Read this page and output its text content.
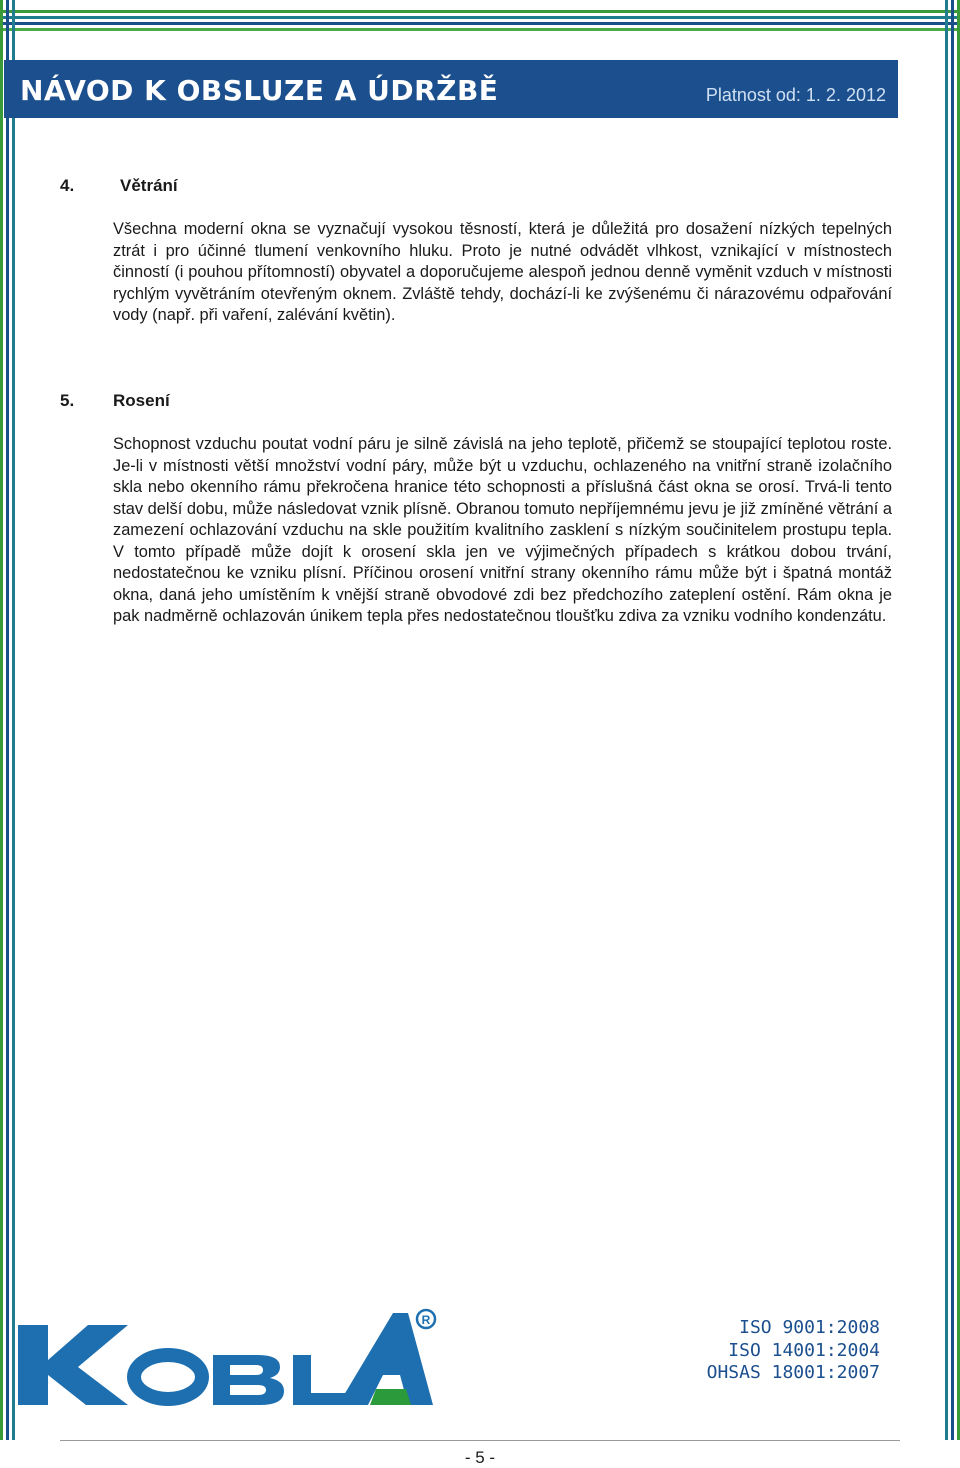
NÁVOD K OBSLUZE A ÚDRŽBĚ	Platnost od: 1. 2. 2012
4.	Větrání
Všechna moderní okna se vyznačují vysokou těsností, která je důležitá pro dosažení nízkých tepelných ztrát i pro účinné tlumení venkovního hluku. Proto je nutné odvádět vlhkost, vznikající v místnostech činností (i pouhou přítomností) obyvatel a doporučujeme alespoň jednou denně vyměnit vzduch v místnosti rychlým vyvětráním otevřeným oknem. Zvláště tehdy, dochází-li ke zvýšenému či nárazovému odpařování vody (např. při vaření, zalévání květin).
5. Rosení
Schopnost vzduchu poutat vodní páru je silně závislá na jeho teplotě, přičemž se stoupající teplotou roste. Je-li v místnosti větší množství vodní páry, může být u vzduchu, ochlazeného na vnitřní straně izolačního skla nebo okenního rámu překročena hranice této schopnosti a příslušná část okna se orosí. Trvá-li tento stav delší dobu, může následovat vznik plísně. Obranou tomuto nepříjemnému jevu je již zmíněné větrání a zamezení ochlazování vzduchu na skle použitím kvalitního zasklení s nízkým součinitelem prostupu tepla. V tomto případě může dojít k orosení skla jen ve výjimečných případech s krátkou dobou trvání, nedostatečnou ke vzniku plísní. Příčinou orosení vnitřní strany okenního rámu může být i špatná montáž okna, daná jeho umístěním k vnější straně obvodové zdi bez předchozího zateplení ostění. Rám okna je pak nadměrně ochlazován únikem tepla přes nedostatečnou tloušťku zdiva za vzniku vodního kondenzátu.
R	ISO 9001:2008
ISO 14001:2004
OHSAS 18001:2007
- 5 -
